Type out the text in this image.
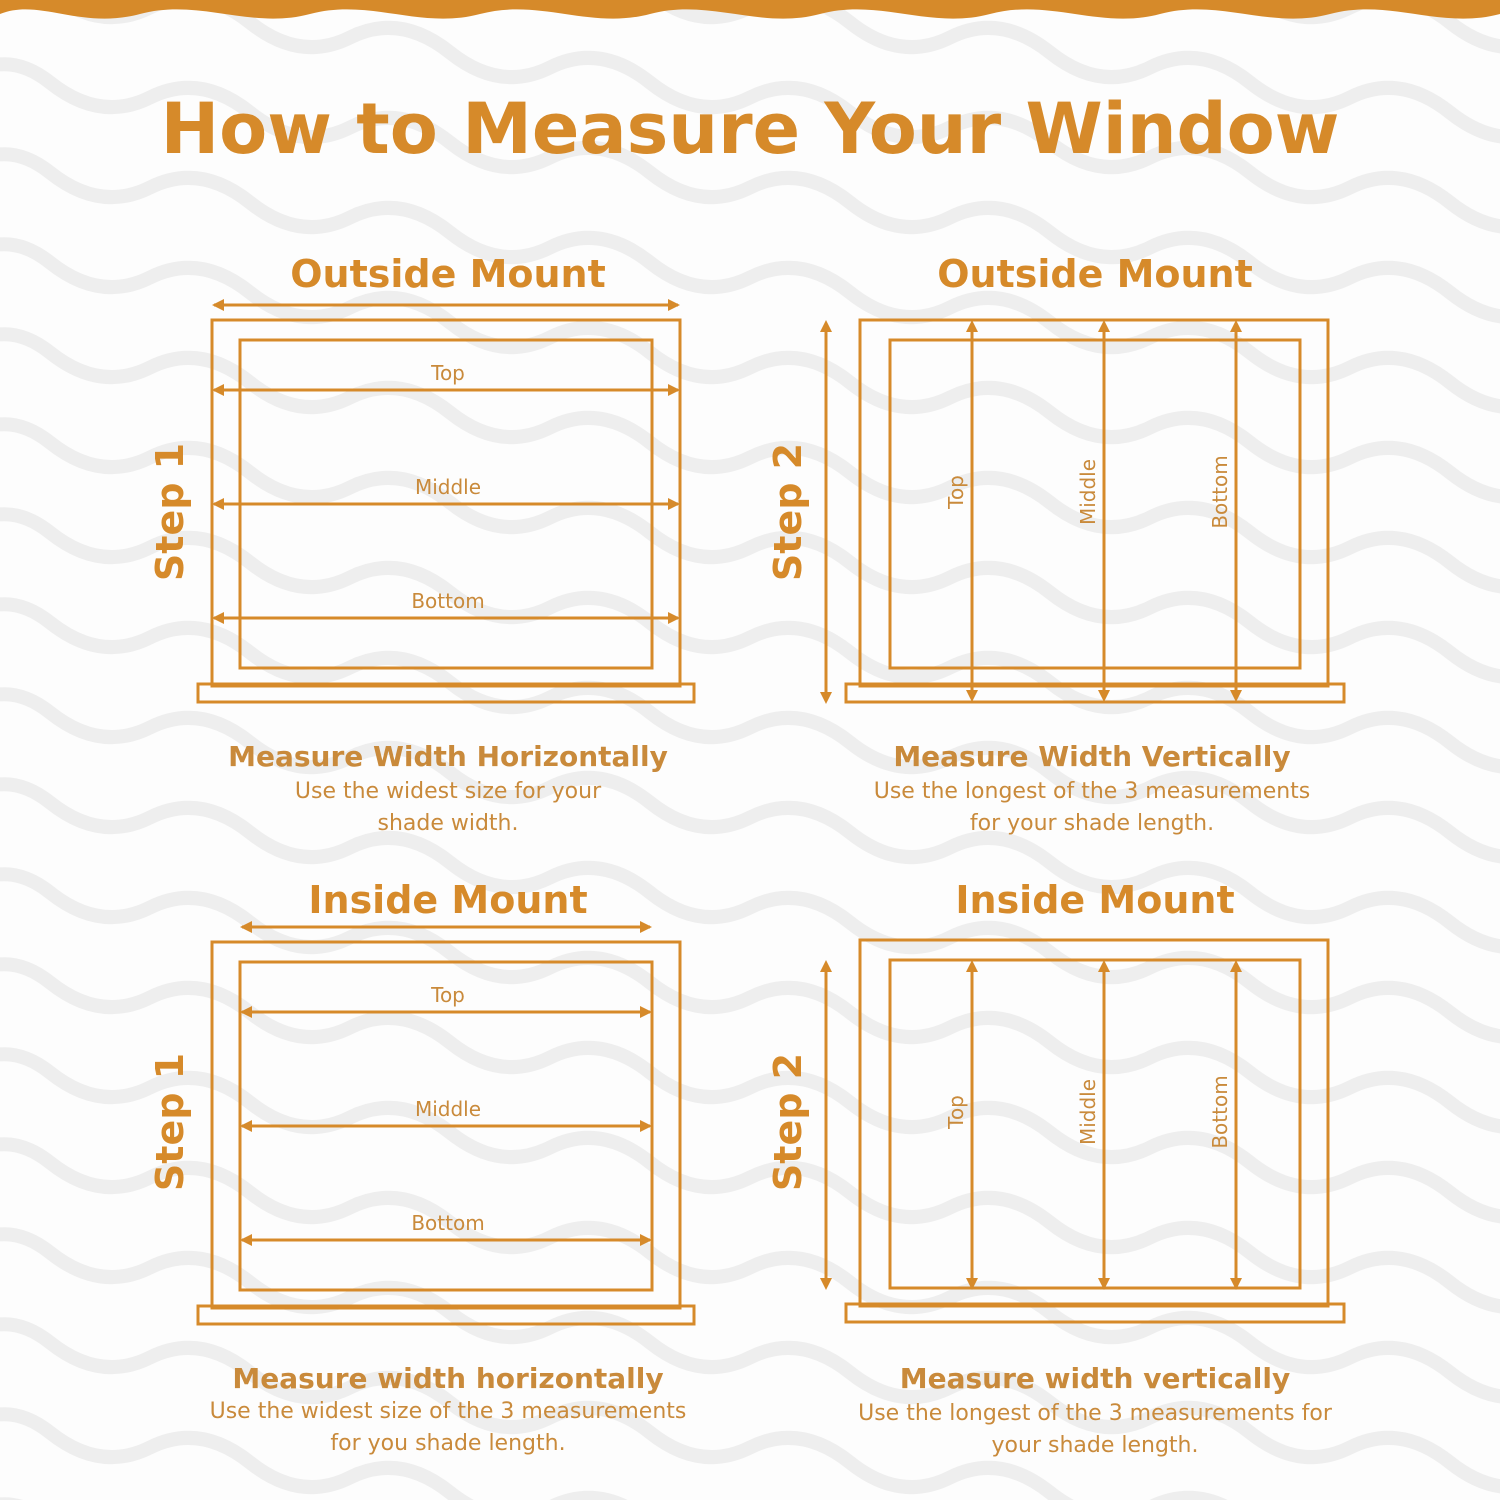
How to Measure Your Window
Outside Mount
Step 1
Top
Middle
Bottom
Measure Width Horizontally
Use the widest size for your
shade width.
Outside Mount
Step 2	Top	Middle	Bottom
Measure Width Vertically
Use the longest of the 3 measurements
for your shade length.
Inside Mount
Step 1
Top
Middle
Bottom
Measure width horizontally
Use the widest size of the 3 measurements
for you shade length.
Inside Mount
Step 2	Top	Middle	Bottom
Measure width vertically
Use the longest of the 3 measurements for
your shade length.
